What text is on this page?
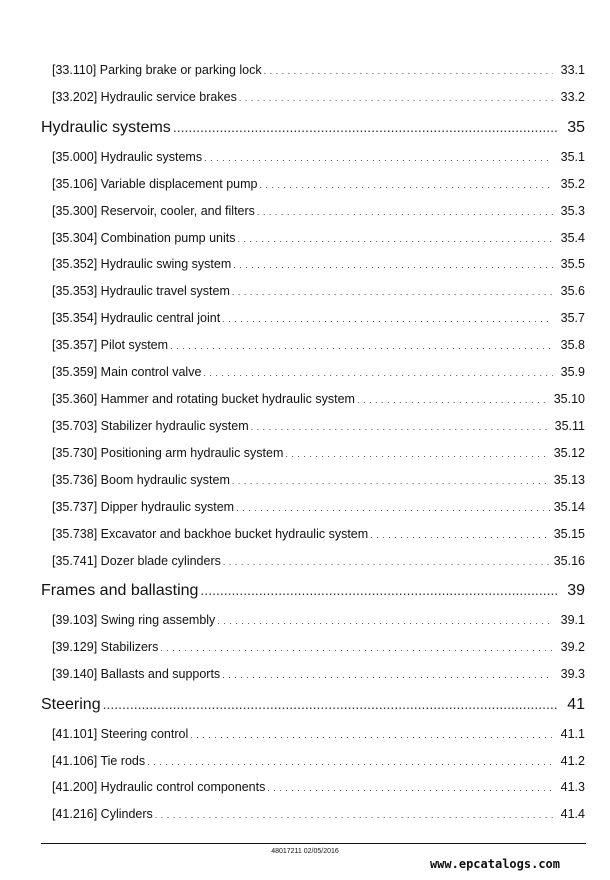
[33.110] Parking brake or parking lock . . .	33.1
[33.202] Hydraulic service brakes . . .	33.2
Hydraulic systems .....	35
[35.000] Hydraulic systems . . .	35.1
[35.106] Variable displacement pump . . .	35.2
[35.300] Reservoir, cooler, and filters . . .	35.3
[35.304] Combination pump units . . .	35.4
[35.352] Hydraulic swing system . . .	35.5
[35.353] Hydraulic travel system . . .	35.6
[35.354] Hydraulic central joint . . .	35.7
[35.357] Pilot system . . .	35.8
[35.359] Main control valve . . .	35.9
[35.360] Hammer and rotating bucket hydraulic system . . .	35.10
[35.703] Stabilizer hydraulic system . . .	35.11
[35.730] Positioning arm hydraulic system . . .	35.12
[35.736] Boom hydraulic system . . .	35.13
[35.737] Dipper hydraulic system . . .	35.14
[35.738] Excavator and backhoe bucket hydraulic system . . .	35.15
[35.741] Dozer blade cylinders . . .	35.16
Frames and ballasting .....	39
[39.103] Swing ring assembly . . .	39.1
[39.129] Stabilizers . . .	39.2
[39.140] Ballasts and supports . . .	39.3
Steering .....	41
[41.101] Steering control . . .	41.1
[41.106] Tie rods . . .	41.2
[41.200] Hydraulic control components . . .	41.3
[41.216] Cylinders . . .	41.4
48017211 02/05/2016
www.epcatalogs.com
